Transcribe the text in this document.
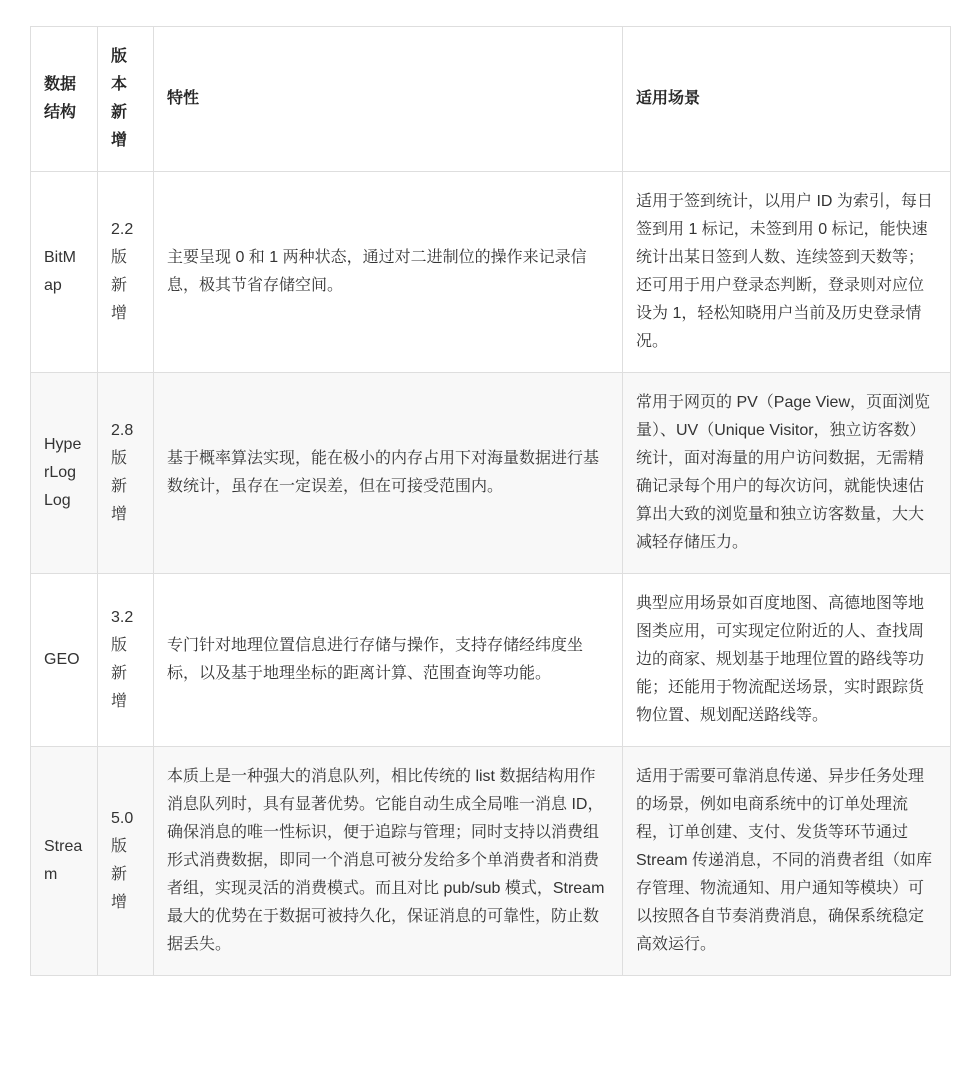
数据结构	版本新增	特性	适用场景
BitMap	2.2版新增	主要呈现 0 和 1 两种状态，通过对二进制位的操作来记录信息，极其节省存储空间。	适用于签到统计，以用户 ID 为索引，每日签到用 1 标记，未签到用 0 标记，能快速统计出某日签到人数、连续签到天数等；还可用于用户登录态判断，登录则对应位设为 1，轻松知晓用户当前及历史登录情况。
HyperLogLog	2.8版新增	基于概率算法实现，能在极小的内存占用下对海量数据进行基数统计，虽存在一定误差，但在可接受范围内。	常用于网页的 PV（Page View，页面浏览量）、UV（Unique Visitor，独立访客数）统计，面对海量的用户访问数据，无需精确记录每个用户的每次访问，就能快速估算出大致的浏览量和独立访客数量，大大减轻存储压力。
GEO	3.2版新增	专门针对地理位置信息进行存储与操作，支持存储经纬度坐标，以及基于地理坐标的距离计算、范围查询等功能。	典型应用场景如百度地图、高德地图等地图类应用，可实现定位附近的人、查找周边的商家、规划基于地理位置的路线等功能；还能用于物流配送场景，实时跟踪货物位置、规划配送路线等。
Stream	5.0版新增	本质上是一种强大的消息队列，相比传统的 list 数据结构用作消息队列时，具有显著优势。它能自动生成全局唯一消息 ID，确保消息的唯一性标识，便于追踪与管理；同时支持以消费组形式消费数据，即同一个消息可被分发给多个单消费者和消费者组，实现灵活的消费模式。而且对比 pub/sub 模式，Stream 最大的优势在于数据可被持久化，保证消息的可靠性，防止数据丢失。	适用于需要可靠消息传递、异步任务处理的场景，例如电商系统中的订单处理流程，订单创建、支付、发货等环节通过 Stream 传递消息，不同的消费者组（如库存管理、物流通知、用户通知等模块）可以按照各自节奏消费消息，确保系统稳定高效运行。
